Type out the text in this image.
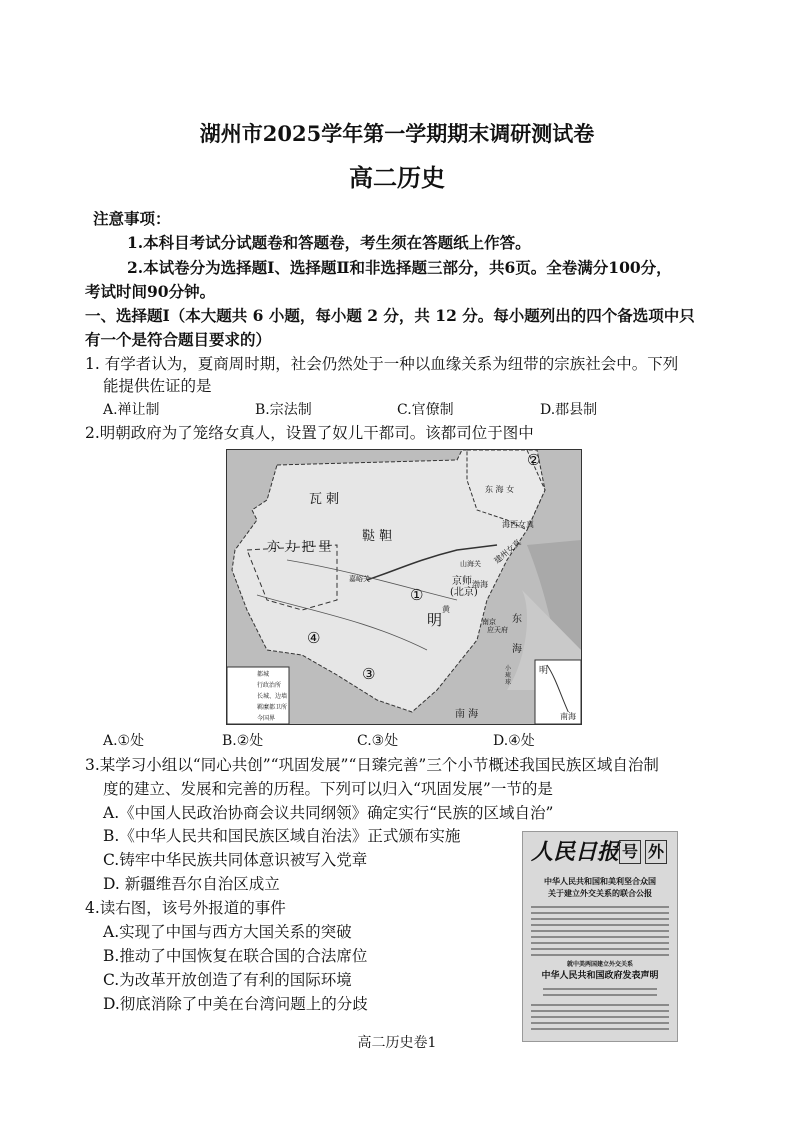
湖州市2025学年第一学期期末调研测试卷
高二历史
注意事项：
1.本科目考试分试题卷和答题卷，考生须在答题纸上作答。
2.本试卷分为选择题Ⅰ、选择题Ⅱ和非选择题三部分，共6页。全卷满分100分，
考试时间90分钟。
一、选择题Ⅰ（本大题共 6 小题，每小题 2 分，共 12 分。每小题列出的四个备选项中只
有一个是符合题目要求的）
1. 有学者认为，夏商周时期，社会仍然处于一种以血缘关系为纽带的宗族社会中。下列
能提供佐证的是
A.禅让制	B.宗法制	C.官僚制	D.郡县制
2.明朝政府为了笼络女真人，设置了奴儿干都司。该都司位于图中
瓦 剌
鞑 靼
亦 力 把 里
明
京师
(北京)
山海关
嘉峪关
南京
应天府
东
海
南 海
渤海
黄
海西女真
建州女真
东 海 女
小琉球
明
南海
①
②
③
④
都城
行政治所
长城、边墙
羁縻都卫所
今国界
A.①处	B.②处	C.③处	D.④处
3.某学习小组以“同心共创”“巩固发展”“日臻完善”三个小节概述我国民族区域自治制
度的建立、发展和完善的历程。下列可以归入“巩固发展”一节的是
A.《中国人民政治协商会议共同纲领》确定实行“民族的区域自治”
B.《中华人民共和国民族区域自治法》正式颁布实施
C.铸牢中华民族共同体意识被写入党章
D. 新疆维吾尔自治区成立
4.读右图，该号外报道的事件
A.实现了中国与西方大国关系的突破
B.推动了中国恢复在联合国的合法席位
C.为改革开放创造了有利的国际环境
D.彻底消除了中美在台湾问题上的分歧
人民日报 号 外
中华人民共和国和美利坚合众国
关于建立外交关系的联合公报
就中美两国建立外交关系
中华人民共和国政府发表声明
高二历史卷1
